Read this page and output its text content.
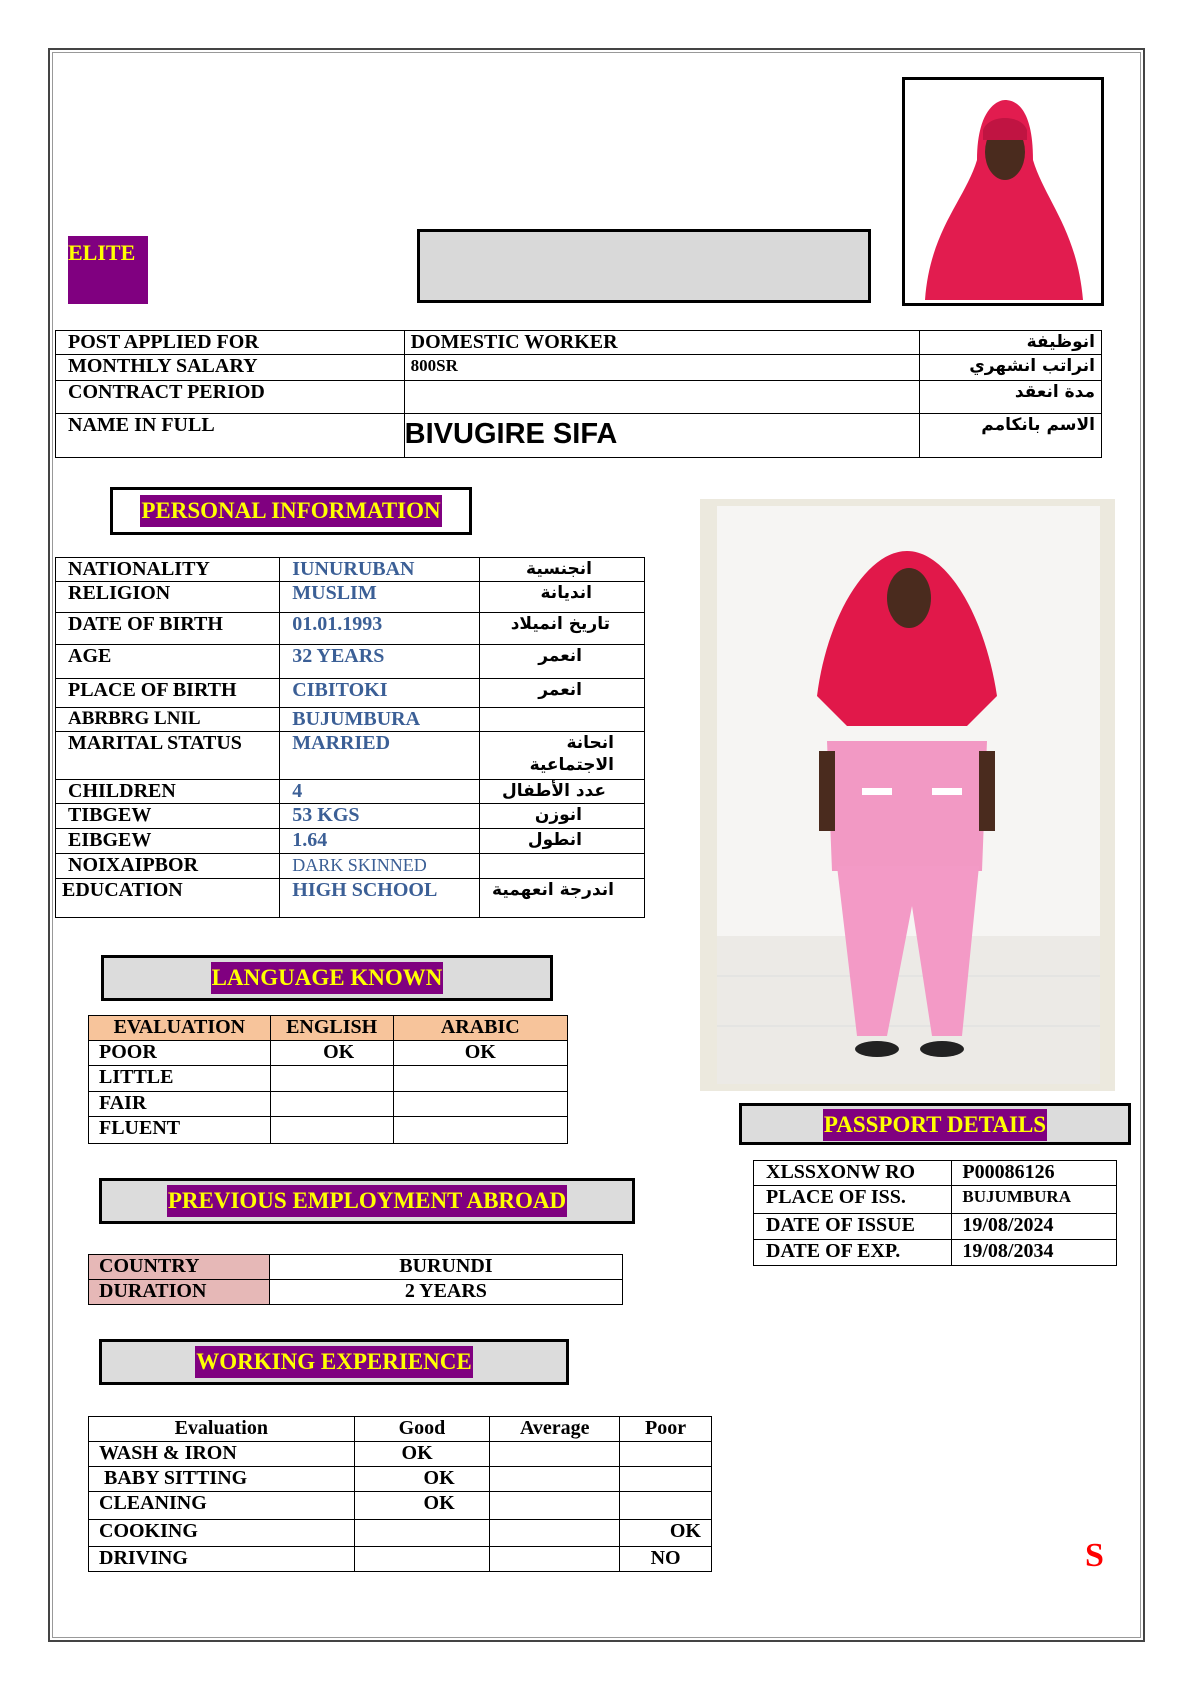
ELITE
POST APPLIED FOR	DOMESTIC WORKER	انوظيفة
MONTHLY SALARY	800SR	انراتب انشهري
CONTRACT PERIOD		مدة انعقد
NAME IN FULL	BIVUGIRE SIFA	الاسم بانكامم
PERSONAL INFORMATION
NATIONALITY	IUNURUBAN	انجنسية
RELIGION	MUSLIM	انديانة
DATE OF BIRTH	01.01.1993	تاريخ انميلاد
AGE	32 YEARS	انعمر
PLACE OF BIRTH	CIBITOKI	انعمر
ABRBRG LNIL	BUJUMBURA	
MARITAL STATUS	MARRIED	انحانة الاجتماعية
CHILDREN	4	عدد الأطفال
TIBGEW	53 KGS	انوزن
EIBGEW	1.64	انطول
NOIXAIPBOR	DARK SKINNED	
EDUCATION	HIGH SCHOOL	اندرجة انعهمية
LANGUAGE KNOWN
EVALUATION	ENGLISH	ARABIC
POOR	OK	OK
LITTLE		
FAIR		
FLUENT		
PREVIOUS EMPLOYMENT ABROAD
COUNTRY	BURUNDI
DURATION	2 YEARS
WORKING EXPERIENCE
Evaluation	Good	Average	Poor
WASH & IRON	OK		
BABY SITTING	OK		
CLEANING	OK		
COOKING			OK
DRIVING			NO
PASSPORT DETAILS
XLSSXONW RO	P00086126
PLACE OF ISS.	BUJUMBURA
DATE OF ISSUE	19/08/2024
DATE OF EXP.	19/08/2034
S
